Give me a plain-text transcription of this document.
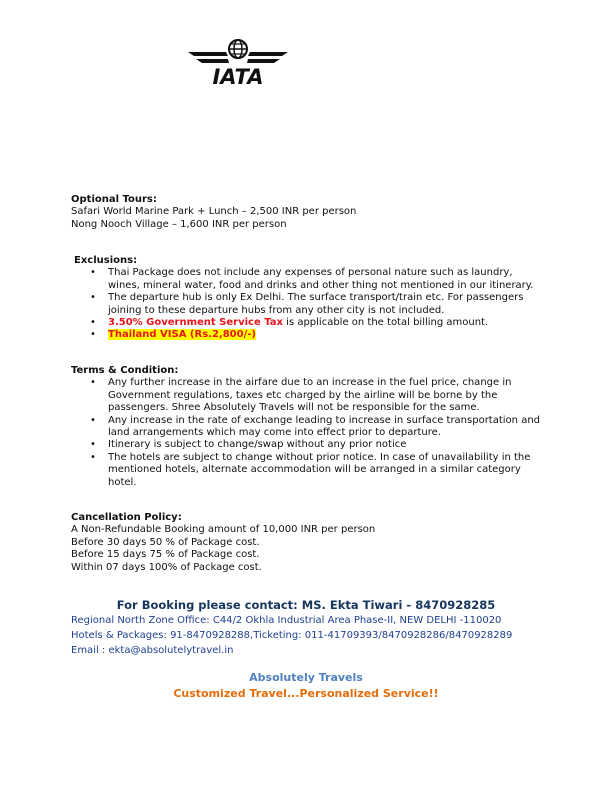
IATA
Optional Tours:
Safari World Marine Park + Lunch – 2,500 INR per person
Nong Nooch Village – 1,600 INR per person
Exclusions:
• Thai Package does not include any expenses of personal nature such as laundry, wines, mineral water, food and drinks and other thing not mentioned in our itinerary.
• The departure hub is only Ex Delhi. The surface transport/train etc. For passengers joining to these departure hubs from any other city is not included.
• 3.50% Government Service Tax is applicable on the total billing amount.
• Thailand VISA (Rs.2,800/-)
Terms & Condition:
• Any further increase in the airfare due to an increase in the fuel price, change in Government regulations, taxes etc charged by the airline will be borne by the passengers. Shree Absolutely Travels will not be responsible for the same.
• Any increase in the rate of exchange leading to increase in surface transportation and land arrangements which may come into effect prior to departure.
• Itinerary is subject to change/swap without any prior notice
• The hotels are subject to change without prior notice. In case of unavailability in the mentioned hotels, alternate accommodation will be arranged in a similar category hotel.
Cancellation Policy:
A Non-Refundable Booking amount of 10,000 INR per person
Before 30 days 50 % of Package cost.
Before 15 days 75 % of Package cost.
Within 07 days 100% of Package cost.
For Booking please contact: MS. Ekta Tiwari - 8470928285
Regional North Zone Office: C44/2 Okhla Industrial Area Phase-II, NEW DELHI -110020
Hotels & Packages: 91-8470928288,Ticketing: 011-41709393/8470928286/8470928289
Email : ekta@absolutelytravel.in
Absolutely Travels
Customized Travel...Personalized Service!!
